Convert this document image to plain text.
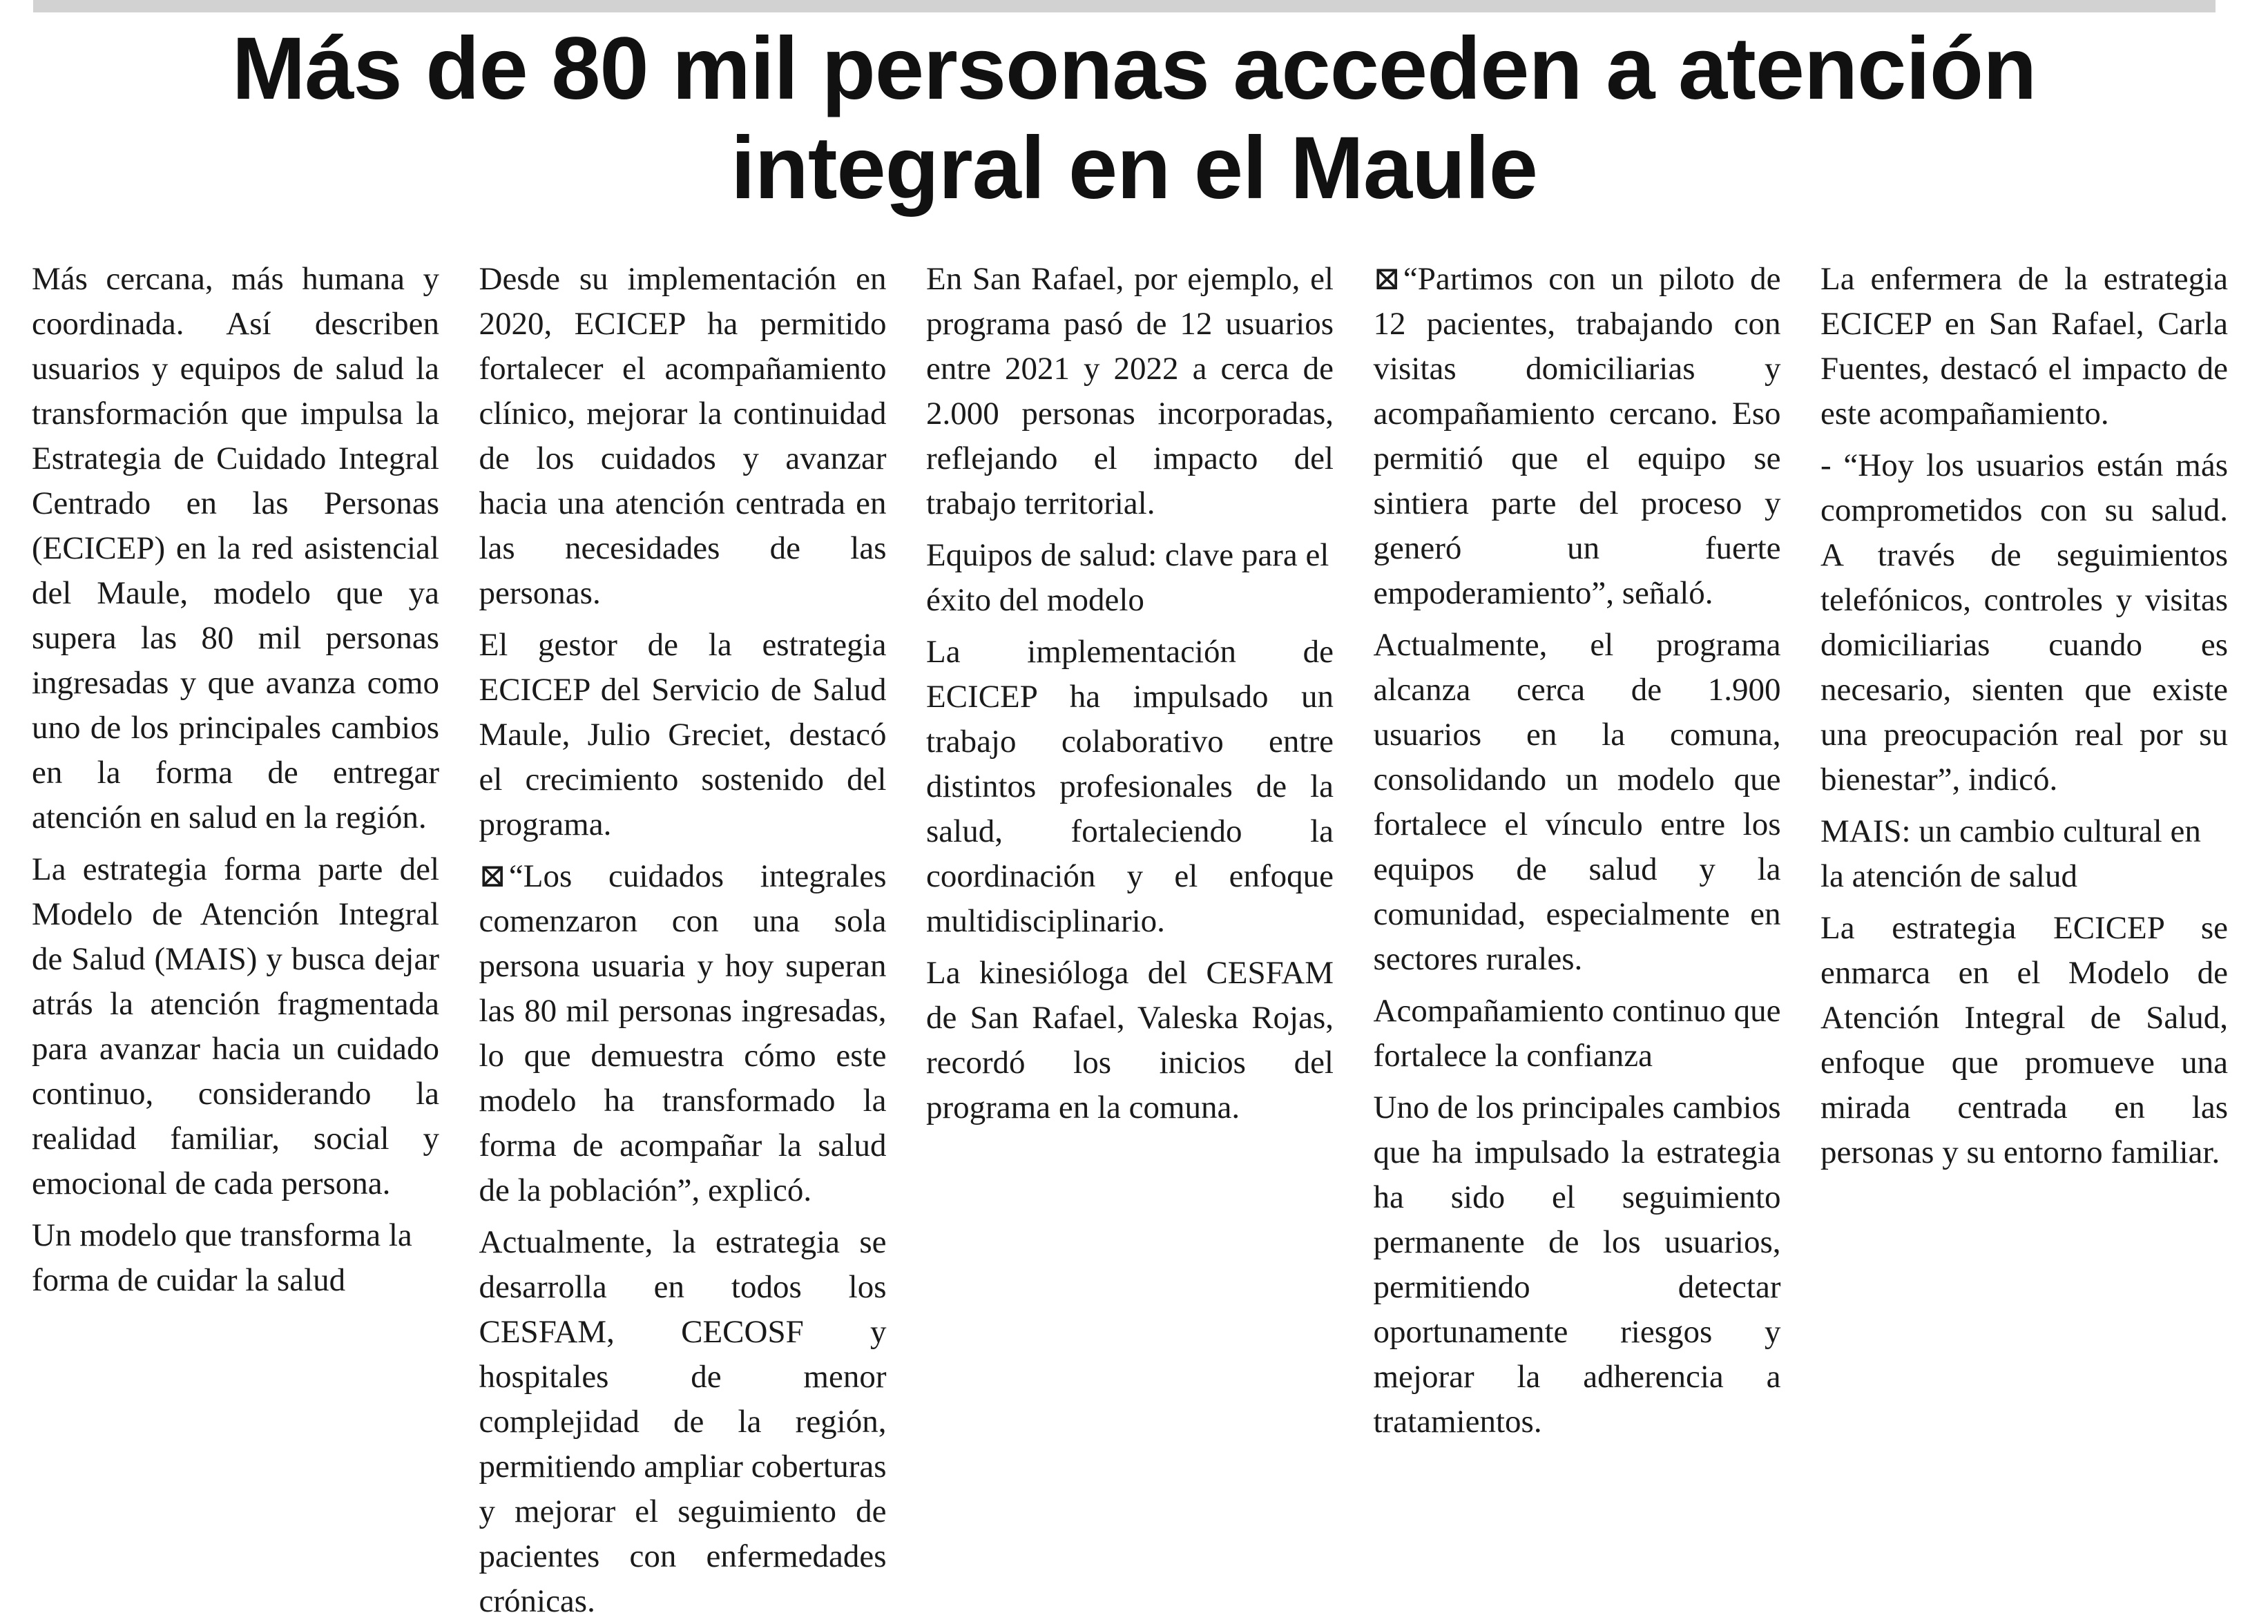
Más de 80 mil personas acceden a atención
integral en el Maule

Más cercana, más humana y coordinada. Así describen usuarios y equipos de salud la transformación que impulsa la Estrategia de Cuidado Integral Centrado en las Personas (ECICEP) en la red asistencial del Maule, modelo que ya supera las 80 mil personas ingresadas y que avanza como uno de los principales cambios en la forma de entregar atención en salud en la región.

La estrategia forma parte del Modelo de Atención Integral de Salud (MAIS) y busca dejar atrás la atención fragmentada para avanzar hacia un cuidado continuo, considerando la realidad familiar, social y emocional de cada persona.

Un modelo que transforma la forma de cuidar la salud

Desde su implementación en 2020, ECICEP ha permitido fortalecer el acompañamiento clínico, mejorar la continuidad de los cuidados y avanzar hacia una atención centrada en las necesidades de las personas.

El gestor de la estrategia ECICEP del Servicio de Salud Maule, Julio Greciet, destacó el crecimiento sostenido del programa.

⊠“Los cuidados integrales comenzaron con una sola persona usuaria y hoy superan las 80 mil personas ingresadas, lo que demuestra cómo este modelo ha transformado la forma de acompañar la salud de la población”, explicó.

Actualmente, la estrategia se desarrolla en todos los CESFAM, CECOSF y hospitales de menor complejidad de la región, permitiendo ampliar coberturas y mejorar el seguimiento de pacientes con enfermedades crónicas.

En San Rafael, por ejemplo, el programa pasó de 12 usuarios entre 2021 y 2022 a cerca de 2.000 personas incorporadas, reflejando el impacto del trabajo territorial.

Equipos de salud: clave para el éxito del modelo

La implementación de ECICEP ha impulsado un trabajo colaborativo entre distintos profesionales de la salud, fortaleciendo la coordinación y el enfoque multidisciplinario.

La kinesióloga del CESFAM de San Rafael, Valeska Rojas, recordó los inicios del programa en la comuna.

⊠“Partimos con un piloto de 12 pacientes, trabajando con visitas domiciliarias y acompañamiento cercano. Eso permitió que el equipo se sintiera parte del proceso y generó un fuerte empoderamiento”, señaló.

Actualmente, el programa alcanza cerca de 1.900 usuarios en la comuna, consolidando un modelo que fortalece el vínculo entre los equipos de salud y la comunidad, especialmente en sectores rurales.

Acompañamiento continuo que fortalece la confianza

Uno de los principales cambios que ha impulsado la estrategia ha sido el seguimiento permanente de los usuarios, permitiendo detectar oportunamente riesgos y mejorar la adherencia a tratamientos.

La enfermera de la estrategia ECICEP en San Rafael, Carla Fuentes, destacó el impacto de este acompañamiento.

- “Hoy los usuarios están más comprometidos con su salud. A través de seguimientos telefónicos, controles y visitas domiciliarias cuando es necesario, sienten que existe una preocupación real por su bienestar”, indicó.

MAIS: un cambio cultural en la atención de salud

La estrategia ECICEP se enmarca en el Modelo de Atención Integral de Salud, enfoque que promueve una mirada centrada en las personas y su entorno familiar.
